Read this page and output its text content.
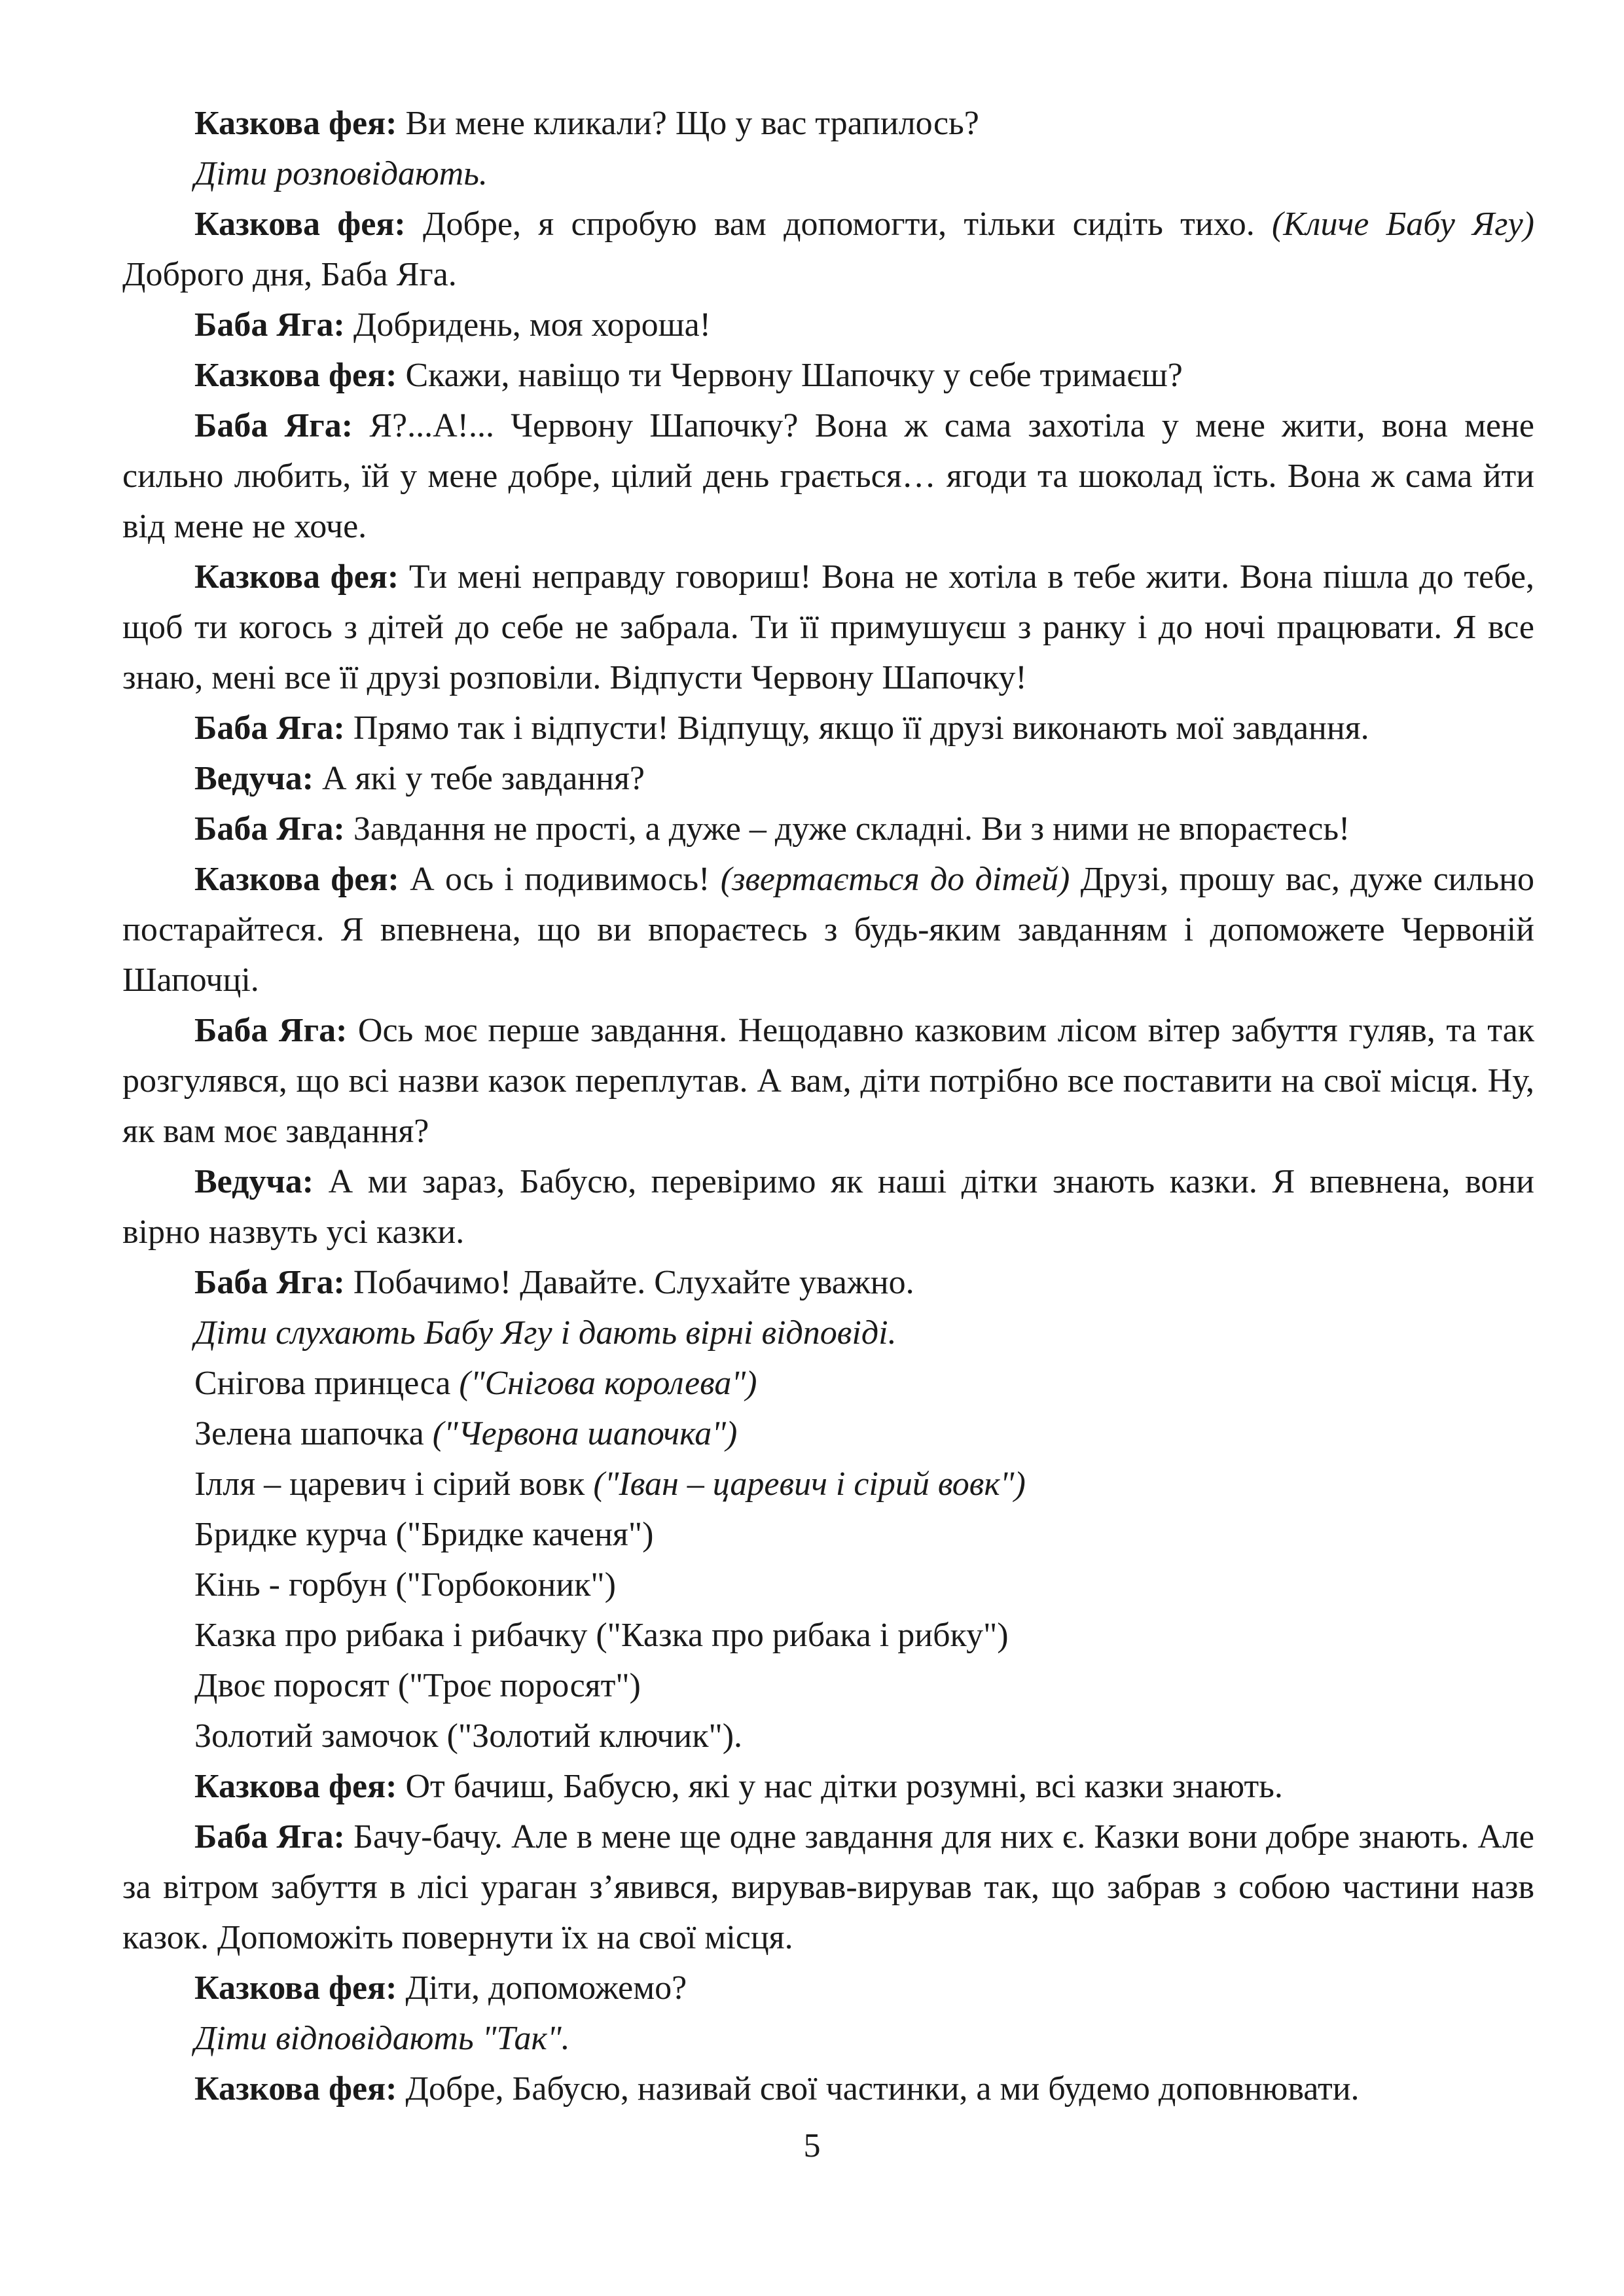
Казкова фея: Ви мене кликали? Що у вас трапилось?

Діти розповідають.

Казкова фея: Добре, я спробую вам допомогти, тільки сидіть тихо. (Кличе Бабу Ягу) Доброго дня, Баба Яга.

Баба Яга: Добридень, моя хороша!

Казкова фея: Скажи, навіщо ти Червону Шапочку у себе тримаєш?

Баба Яга: Я?...А!... Червону Шапочку? Вона ж сама захотіла у мене жити, вона мене сильно любить, їй у мене добре, цілий день грається… ягоди та шоколад їсть. Вона ж сама йти від мене не хоче.

Казкова фея: Ти мені неправду говориш! Вона не хотіла в тебе жити. Вона пішла до тебе, щоб ти когось з дітей до себе не забрала. Ти її примушуєш з ранку і до ночі працювати. Я все знаю, мені все її друзі розповіли. Відпусти Червону Шапочку!

Баба Яга: Прямо так і відпусти! Відпущу, якщо її друзі виконають мої завдання.

Ведуча: А які у тебе завдання?

Баба Яга: Завдання не прості, а дуже – дуже складні. Ви з ними не впораєтесь!

Казкова фея: А ось і подивимось! (звертається до дітей) Друзі, прошу вас, дуже сильно постарайтеся. Я впевнена, що ви впораєтесь з будь-яким завданням і допоможете Червоній Шапочці.

Баба Яга: Ось моє перше завдання. Нещодавно казковим лісом вітер забуття гуляв, та так розгулявся, що всі назви казок переплутав. А вам, діти потрібно все поставити на свої місця. Ну, як вам моє завдання?

Ведуча: А ми зараз, Бабусю, перевіримо як наші дітки знають казки. Я впевнена, вони вірно назвуть усі казки.

Баба Яга: Побачимо! Давайте. Слухайте уважно.

Діти слухають Бабу Ягу і дають вірні відповіді.

Снігова принцеса ("Снігова королева")

Зелена шапочка ("Червона шапочка")

Ілля – царевич і сірий вовк ("Іван – царевич і сірий вовк")

Бридке курча ("Бридке каченя")

Кінь - горбун ("Горбоконик")

Казка про рибака і рибачку ("Казка про рибака і рибку")

Двоє поросят ("Троє поросят")

Золотий замочок ("Золотий ключик").

Казкова фея: От бачиш, Бабусю, які у нас дітки розумні, всі казки знають.

Баба Яга: Бачу-бачу. Але в мене ще одне завдання для них є. Казки вони добре знають. Але за вітром забуття в лісі ураган з’явився, вирував-вирував так, що забрав з собою частини назв казок. Допоможіть повернути їх на свої місця.

Казкова фея: Діти, допоможемо?

Діти відповідають "Так".

Казкова фея: Добре, Бабусю, називай свої частинки, а ми будемо доповнювати.

5
